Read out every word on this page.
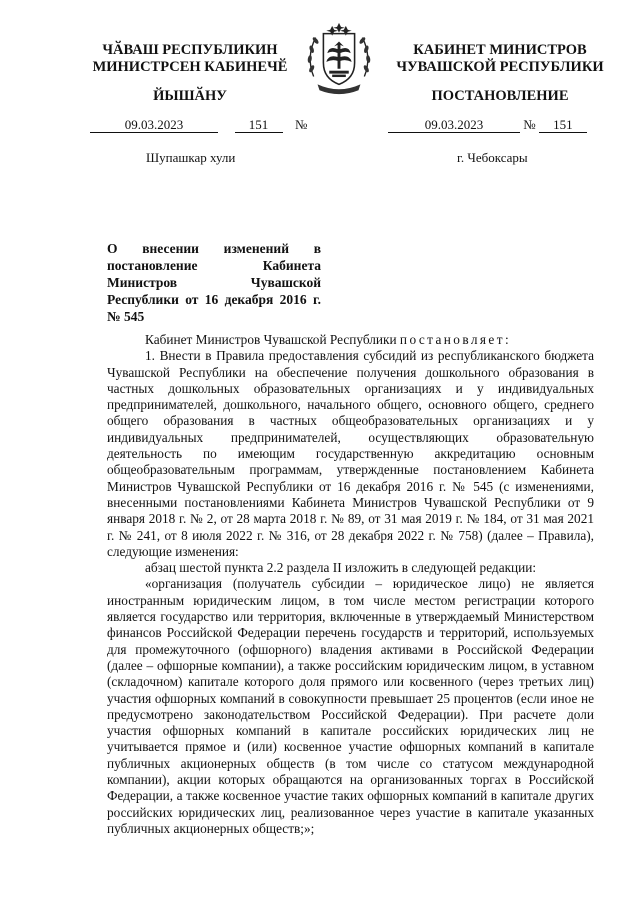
ЧӐВАШ РЕСПУБЛИКИН
МИНИСТРСЕН КАБИНЕЧӖ
ЙЫШӐНУ
КАБИНЕТ МИНИСТРОВ
ЧУВАШСКОЙ РЕСПУБЛИКИ
ПОСТАНОВЛЕНИЕ
09.03.2023	151 №	09.03.2023	№ 151
Шупашкар хули	г. Чебоксары
О внесении изменений в постановление Кабинета Министров Чувашской Республики от 16 декабря 2016 г. № 545

Кабинет Министров Чувашской Республики постановляет:

1. Внести в Правила предоставления субсидий из республиканского бюджета Чувашской Республики на обеспечение получения дошкольного образования в частных дошкольных образовательных организациях и у индивидуальных предпринимателей, дошкольного, начального общего, основного общего, среднего общего образования в частных общеобразовательных организациях и у индивидуальных предпринимателей, осуществляющих образовательную деятельность по имеющим государственную аккредитацию основным общеобразовательным программам, утвержденные постановлением Кабинета Министров Чувашской Республики от 16 декабря 2016 г. № 545 (с изменениями, внесенными постановлениями Кабинета Министров Чувашской Республики от 9 января 2018 г. № 2, от 28 марта 2018 г. № 89, от 31 мая 2019 г. № 184, от 31 мая 2021 г. № 241, от 8 июля 2022 г. № 316, от 28 декабря 2022 г. № 758) (далее – Правила), следующие изменения:

абзац шестой пункта 2.2 раздела II изложить в следующей редакции:

«организация (получатель субсидии – юридическое лицо) не является иностранным юридическим лицом, в том числе местом регистрации которого является государство или территория, включенные в утверждаемый Министерством финансов Российской Федерации перечень государств и территорий, используемых для промежуточного (офшорного) владения активами в Российской Федерации (далее – офшорные компании), а также российским юридическим лицом, в уставном (складочном) капитале которого доля прямого или косвенного (через третьих лиц) участия офшорных компаний в совокупности превышает 25 процентов (если иное не предусмотрено законодательством Российской Федерации). При расчете доли участия офшорных компаний в капитале российских юридических лиц не учитывается прямое и (или) косвенное участие офшорных компаний в капитале публичных акционерных обществ (в том числе со статусом международной компании), акции которых обращаются на организованных торгах в Российской Федерации, а также косвенное участие таких офшорных компаний в капитале других российских юридических лиц, реализованное через участие в капитале указанных публичных акционерных обществ;»;
